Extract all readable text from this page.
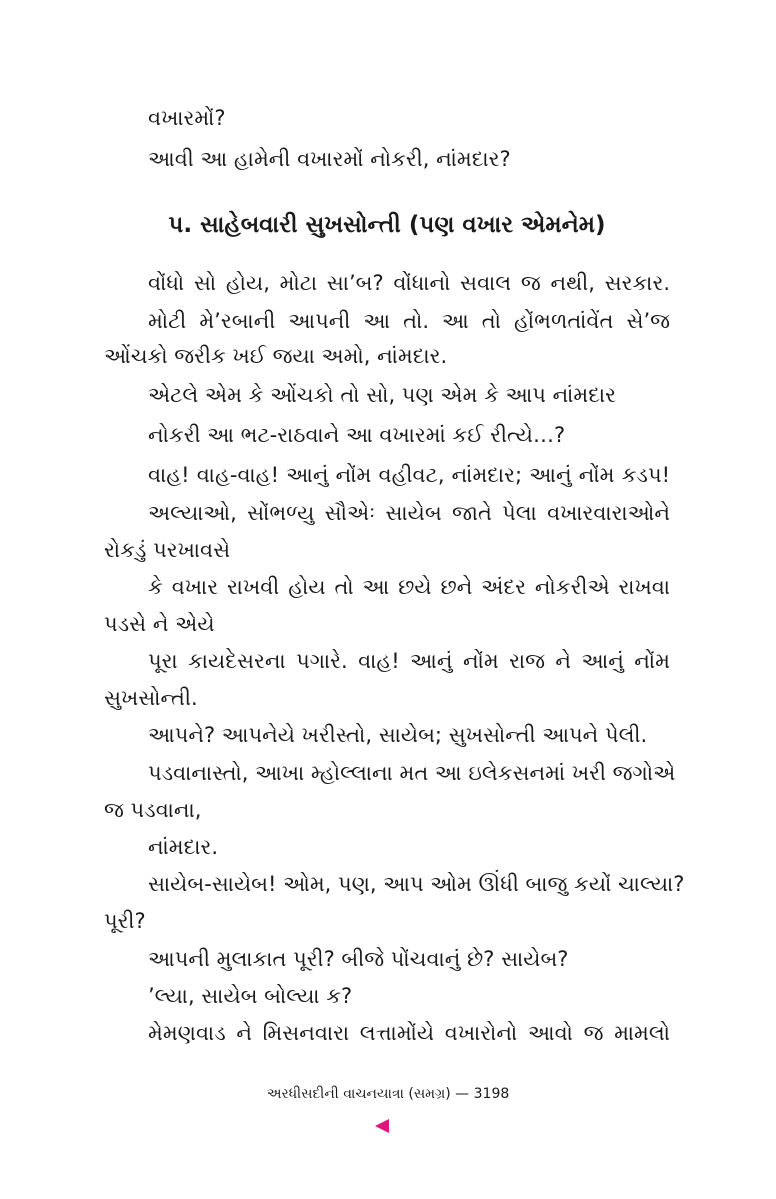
વખારમોં?
આવી આ હામેની વખારમોં નોકરી, નાંમદાર?
પ. સાહેબવારી સુખસોન્તી (પણ વખાર એમનેમ)
વોંધો સો હોય, મોટા સા’બ? વોંધાનો સવાલ જ નથી, સરકાર.
મોટી મે’રબાની આપની આ તો. આ તો હોંભળતાંવેંત સે’જ
ઓંચકો જરીક ખઈ જયા અમો, નાંમદાર.
એટલે એમ કે ઓંચકો તો સો, પણ એમ કે આપ નાંમદાર
નોકરી આ ભટ-રાઠવાને આ વખારમાં કઈ રીત્યે…?
વાહ! વાહ-વાહ! આનું નોંમ વહીવટ, નાંમદાર; આનું નોંમ કડપ!
અલ્યાઓ, સોંભળ્યુ સૌએઃ સાયેબ જાતે પેલા વખારવારાઓને
રોકડું પરખાવસે
કે વખાર રાખવી હોય તો આ છયે છને અંદર નોકરીએ રાખવા
પડસે ને એયે
પૂરા કાયદેસરના પગારે. વાહ! આનું નોંમ રાજ ને આનું નોંમ
સુખસોન્તી.
આપને? આપનેયે ખરીસ્તો, સાયેબ; સુખસોન્તી આપને પેલી.
પડવાનાસ્તો, આખા મ્હોલ્લાના મત આ ઇલેકસનમાં ખરી જગોએ
જ પડવાના,
નાંમદાર.
સાયેબ-સાયેબ! ઓમ, પણ, આપ ઓમ ઊંધી બાજુ કયોં ચાલ્યા?
પૂરી?
આપની મુલાકાત પૂરી? બીજે પોંચવાનું છે? સાયેબ?
’લ્યા, સાયેબ બોલ્યા ક?
મેમણવાડ ને મિસનવારા લત્તામોંયે વખારોનો આવો જ મામલો
અરધીસદીની વાચનયાત્રા (સમગ્ર) — 3198
